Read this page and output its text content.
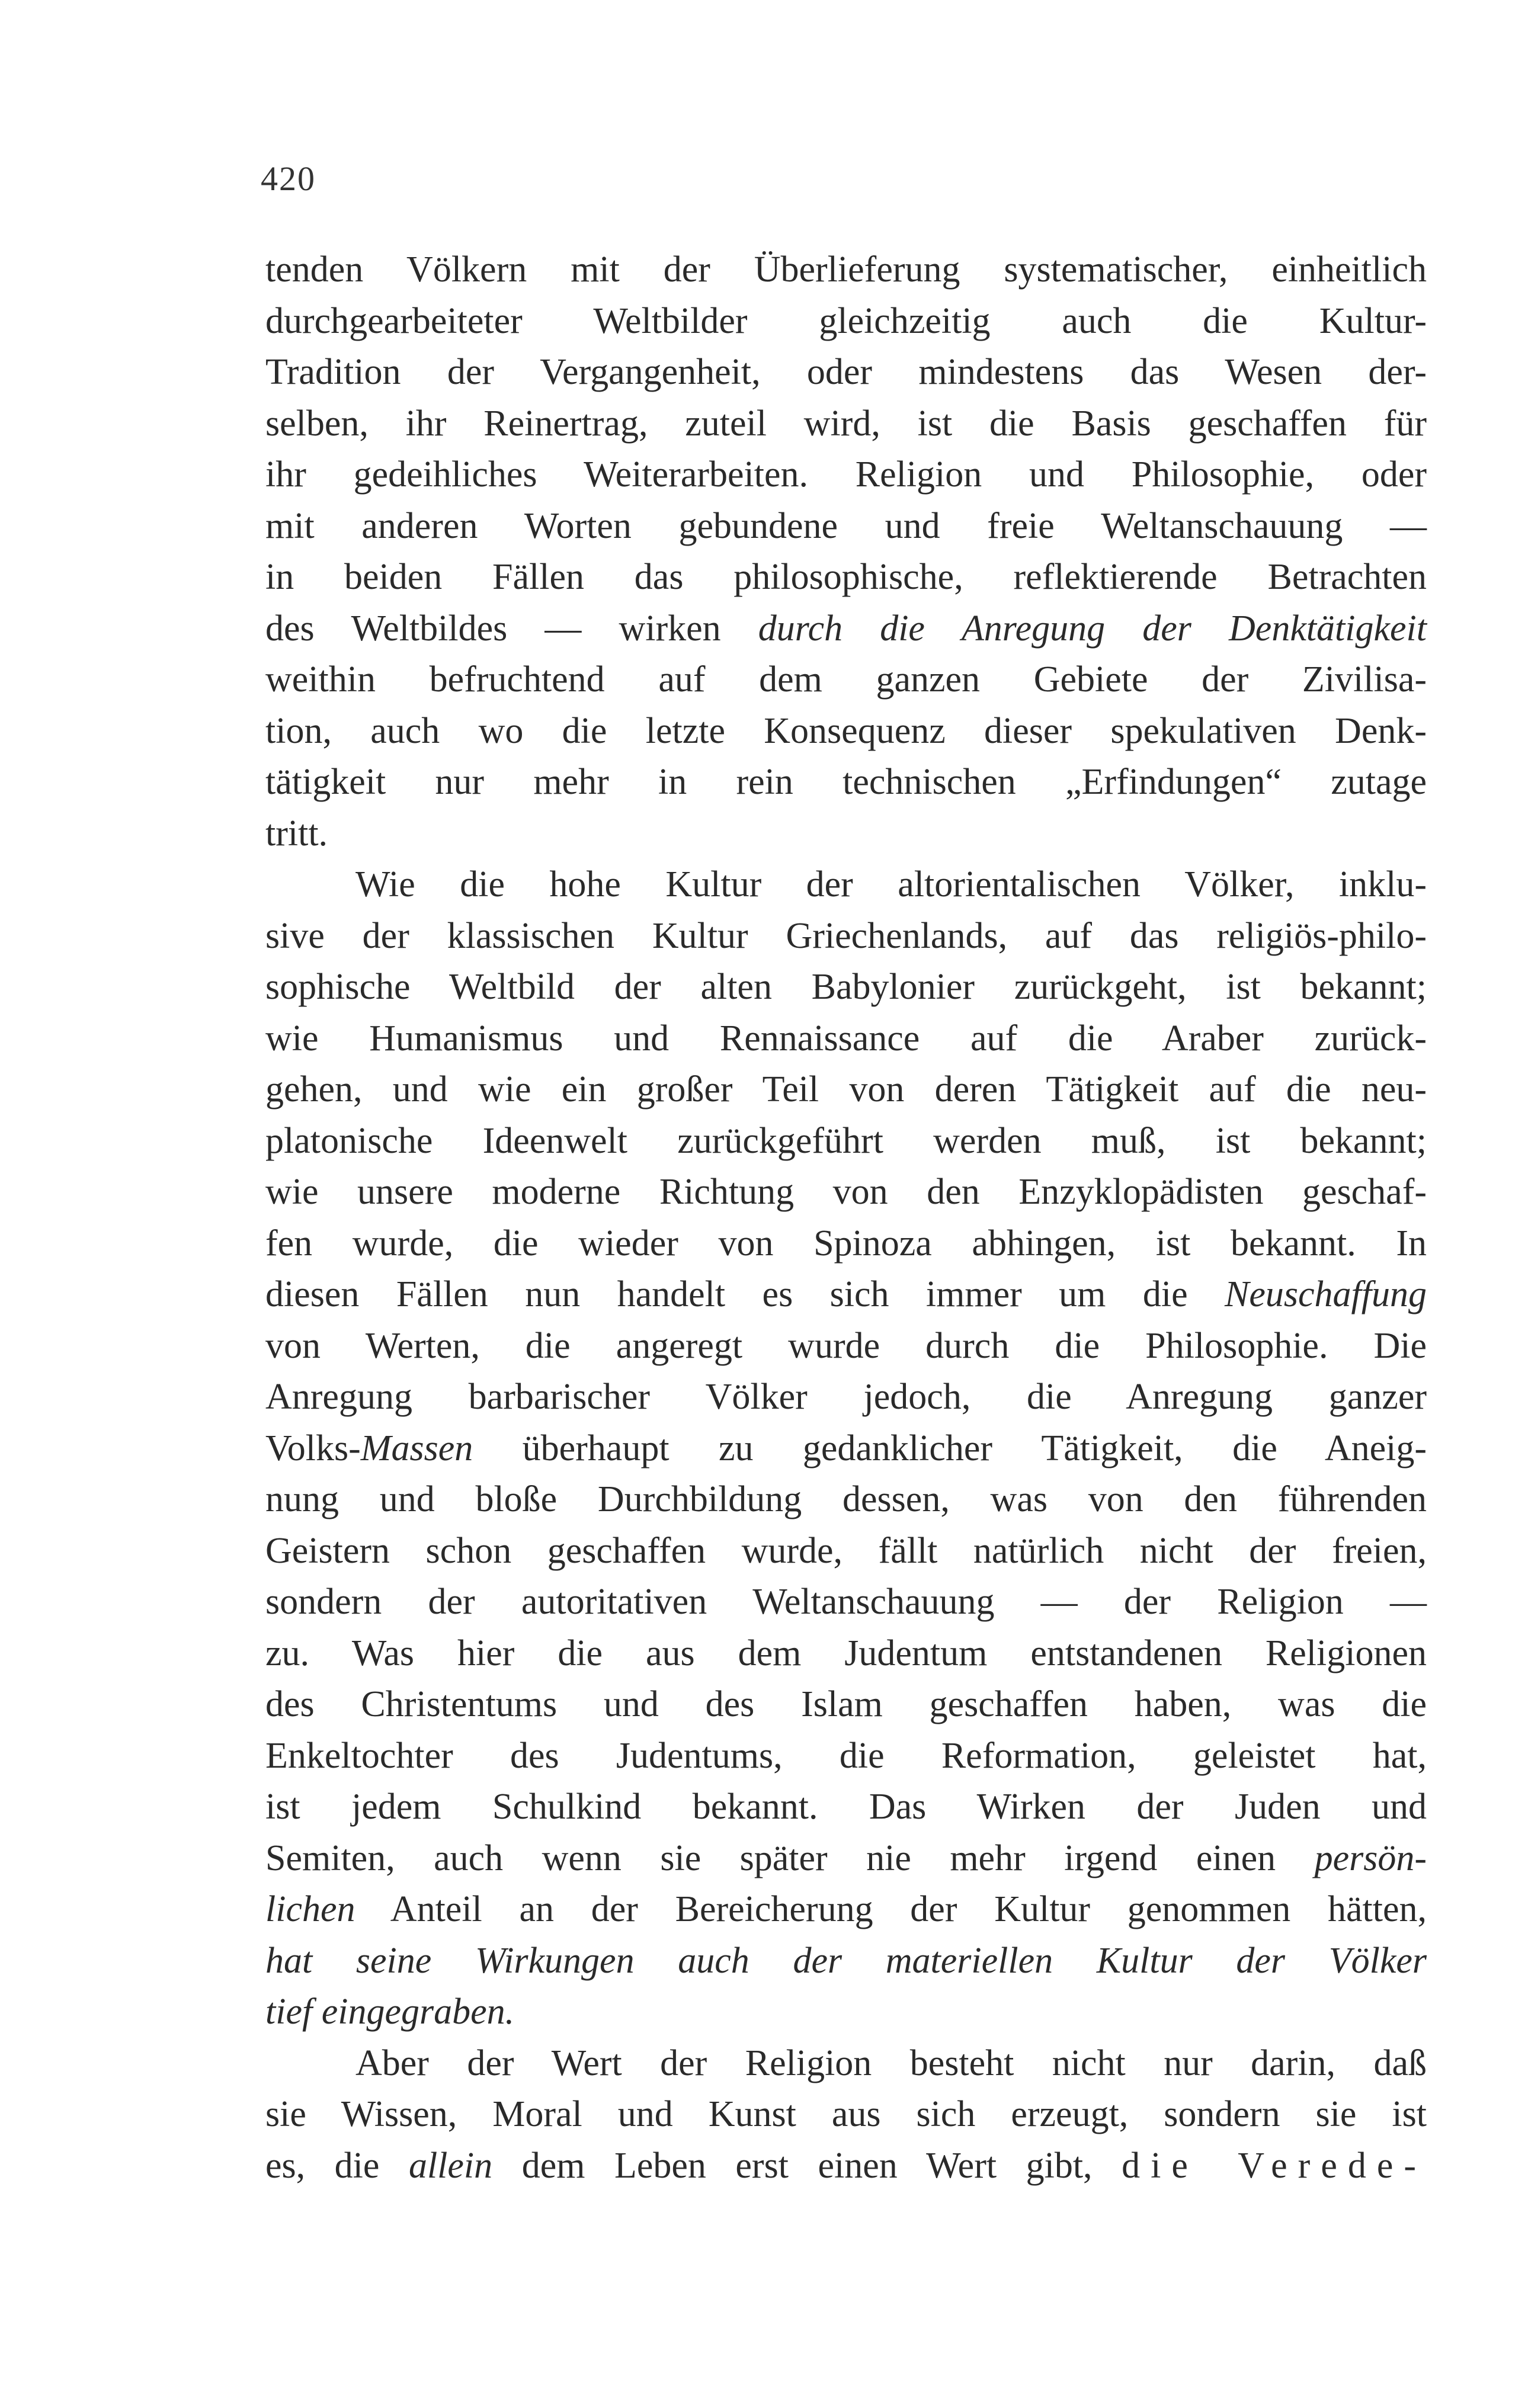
420
tenden Völkern mit der Überlieferung systematischer, einheitlich
durchgearbeiteter Weltbilder gleichzeitig auch die Kultur-
Tradition der Vergangenheit, oder mindestens das Wesen der-
selben, ihr Reinertrag, zuteil wird, ist die Basis geschaffen für
ihr gedeihliches Weiterarbeiten. Religion und Philosophie, oder
mit anderen Worten gebundene und freie Weltanschauung —
in beiden Fällen das philosophische, reflektierende Betrachten
des Weltbildes — wirken durch die Anregung der Denktätigkeit
weithin befruchtend auf dem ganzen Gebiete der Zivilisa-
tion, auch wo die letzte Konsequenz dieser spekulativen Denk-
tätigkeit nur mehr in rein technischen „Erfindungen“ zutage
tritt.
Wie die hohe Kultur der altorientalischen Völker, inklu-
sive der klassischen Kultur Griechenlands, auf das religiös-philo-
sophische Weltbild der alten Babylonier zurückgeht, ist bekannt;
wie Humanismus und Rennaissance auf die Araber zurück-
gehen, und wie ein großer Teil von deren Tätigkeit auf die neu-
platonische Ideenwelt zurückgeführt werden muß, ist bekannt;
wie unsere moderne Richtung von den Enzyklopädisten geschaf-
fen wurde, die wieder von Spinoza abhingen, ist bekannt. In
diesen Fällen nun handelt es sich immer um die Neuschaffung
von Werten, die angeregt wurde durch die Philosophie. Die
Anregung barbarischer Völker jedoch, die Anregung ganzer
Volks-Massen überhaupt zu gedanklicher Tätigkeit, die Aneig-
nung und bloße Durchbildung dessen, was von den führenden
Geistern schon geschaffen wurde, fällt natürlich nicht der freien,
sondern der autoritativen Weltanschauung — der Religion —
zu. Was hier die aus dem Judentum entstandenen Religionen
des Christentums und des Islam geschaffen haben, was die
Enkeltochter des Judentums, die Reformation, geleistet hat,
ist jedem Schulkind bekannt. Das Wirken der Juden und
Semiten, auch wenn sie später nie mehr irgend einen persön-
lichen Anteil an der Bereicherung der Kultur genommen hätten,
hat seine Wirkungen auch der materiellen Kultur der Völker
tief eingegraben.
Aber der Wert der Religion besteht nicht nur darin, daß
sie Wissen, Moral und Kunst aus sich erzeugt, sondern sie ist
es, die allein dem Leben erst einen Wert gibt, die Verede-
